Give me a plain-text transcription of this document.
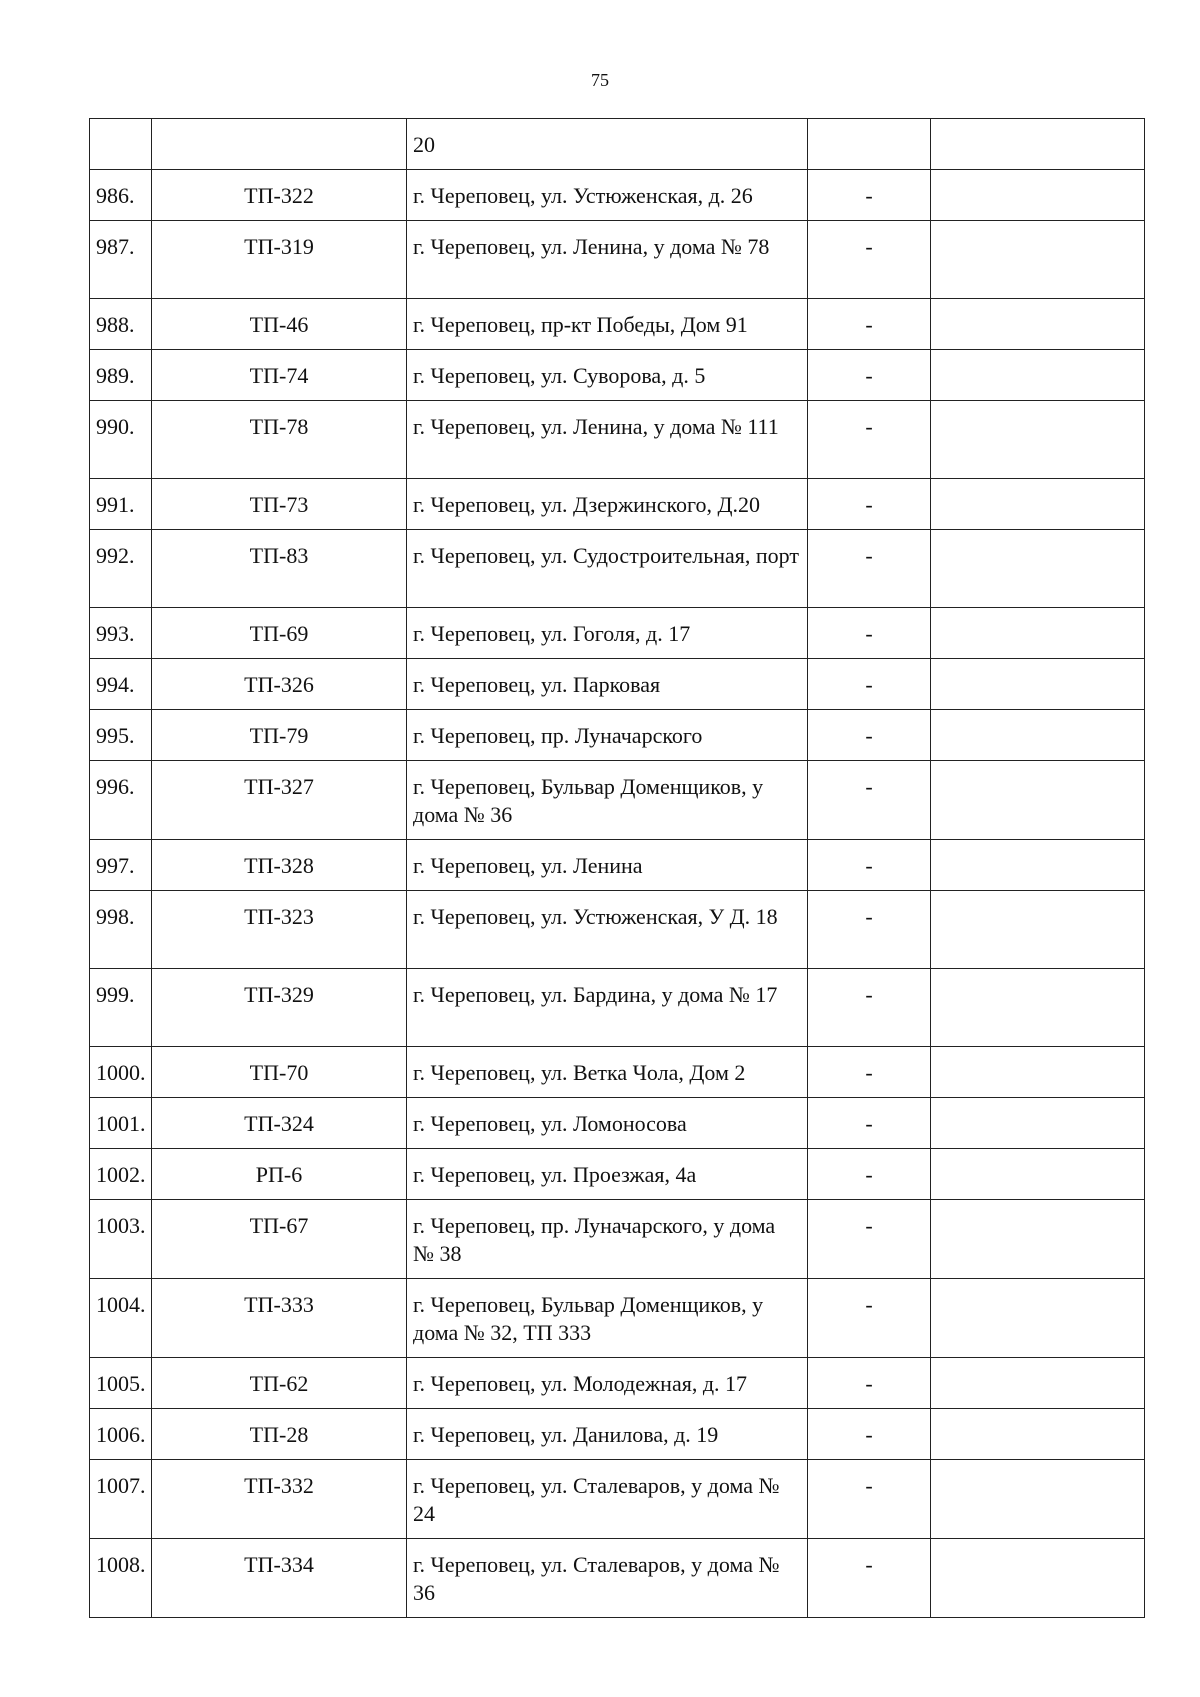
75
		20		
986.	ТП-322	г. Череповец, ул. Устюженская, д. 26	-	
987.	ТП-319	г. Череповец, ул. Ленина, у дома № 78	-	
988.	ТП-46	г. Череповец, пр-кт Победы, Дом 91	-	
989.	ТП-74	г. Череповец, ул. Суворова, д. 5	-	
990.	ТП-78	г. Череповец, ул. Ленина, у дома № 111	-	
991.	ТП-73	г. Череповец, ул. Дзержинского, Д.20	-	
992.	ТП-83	г. Череповец, ул. Судостроительная, порт	-	
993.	ТП-69	г. Череповец, ул. Гоголя, д. 17	-	
994.	ТП-326	г. Череповец, ул. Парковая	-	
995.	ТП-79	г. Череповец, пр. Луначарского	-	
996.	ТП-327	г. Череповец, Бульвар Доменщиков, у дома № 36	-	
997.	ТП-328	г. Череповец, ул. Ленина	-	
998.	ТП-323	г. Череповец, ул. Устюженская, У Д. 18	-	
999.	ТП-329	г. Череповец, ул. Бардина, у дома № 17	-	
1000.	ТП-70	г. Череповец, ул. Ветка Чола, Дом 2	-	
1001.	ТП-324	г. Череповец, ул. Ломоносова	-	
1002.	РП-6	г. Череповец, ул. Проезжая, 4а	-	
1003.	ТП-67	г. Череповец, пр. Луначарского, у дома № 38	-	
1004.	ТП-333	г. Череповец, Бульвар Доменщиков, у дома № 32, ТП 333	-	
1005.	ТП-62	г. Череповец, ул. Молодежная, д. 17	-	
1006.	ТП-28	г. Череповец, ул. Данилова, д. 19	-	
1007.	ТП-332	г. Череповец, ул. Сталеваров, у дома № 24	-	
1008.	ТП-334	г. Череповец, ул. Сталеваров, у дома № 36	-	
